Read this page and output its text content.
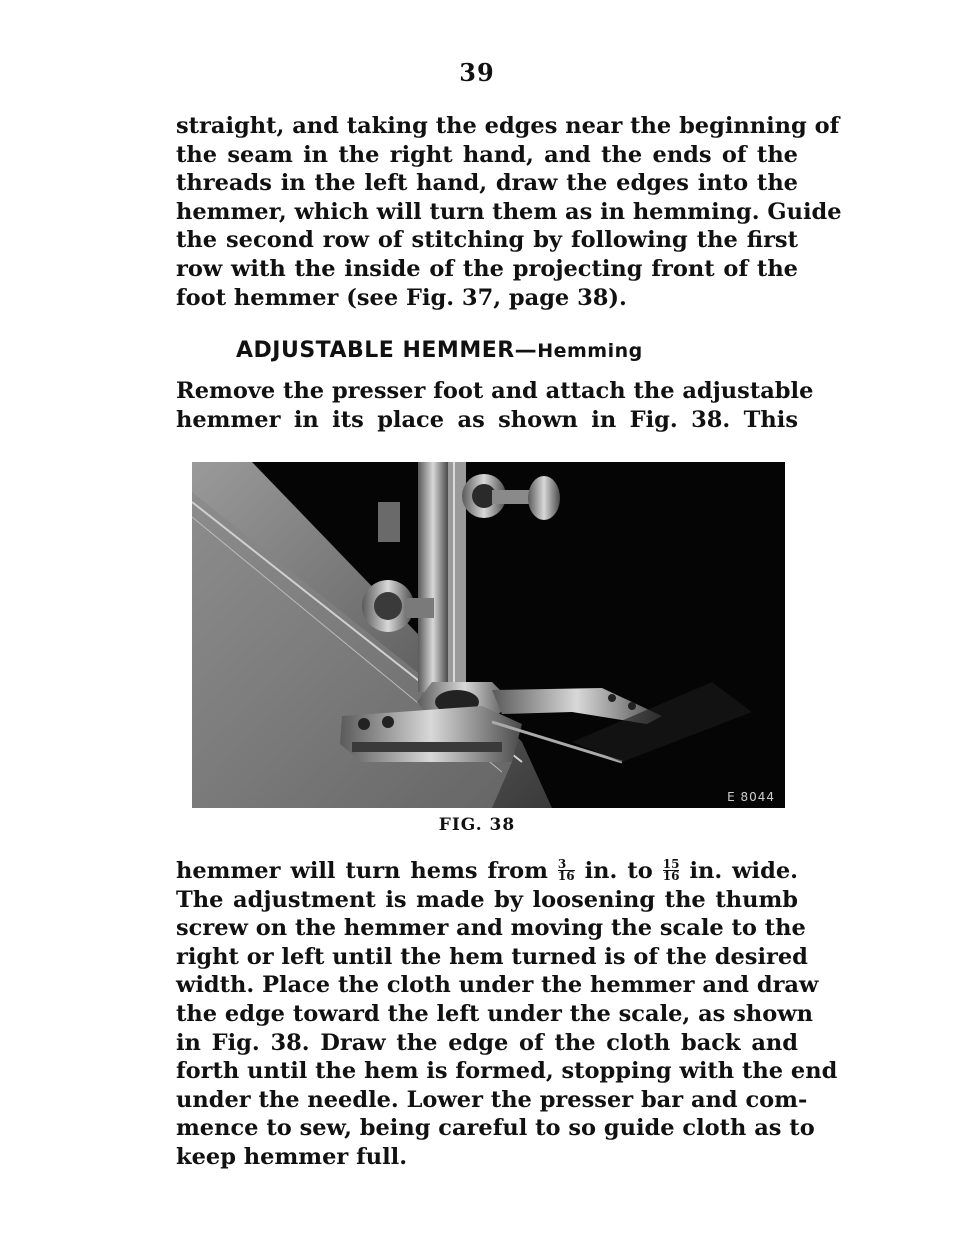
39

straight, and taking the edges near the beginning of
the seam in the right hand, and the ends of the
threads in the left hand, draw the edges into the
hemmer, which will turn them as in hemming. Guide
the second row of stitching by following the first
row with the inside of the projecting front of the
foot hemmer (see Fig. 37, page 38).

ADJUSTABLE HEMMER—Hemming

Remove the presser foot and attach the adjustable
hemmer in its place as shown in Fig. 38. This

E 8044
FIG. 38

hemmer will turn hems from $\frac{3}{16}$ in. to $\frac{15}{16}$ in. wide.
The adjustment is made by loosening the thumb
screw on the hemmer and moving the scale to the
right or left until the hem turned is of the desired
width. Place the cloth under the hemmer and draw
the edge toward the left under the scale, as shown
in Fig. 38. Draw the edge of the cloth back and
forth until the hem is formed, stopping with the end
under the needle. Lower the presser bar and com-
mence to sew, being careful to so guide cloth as to
keep hemmer full.
